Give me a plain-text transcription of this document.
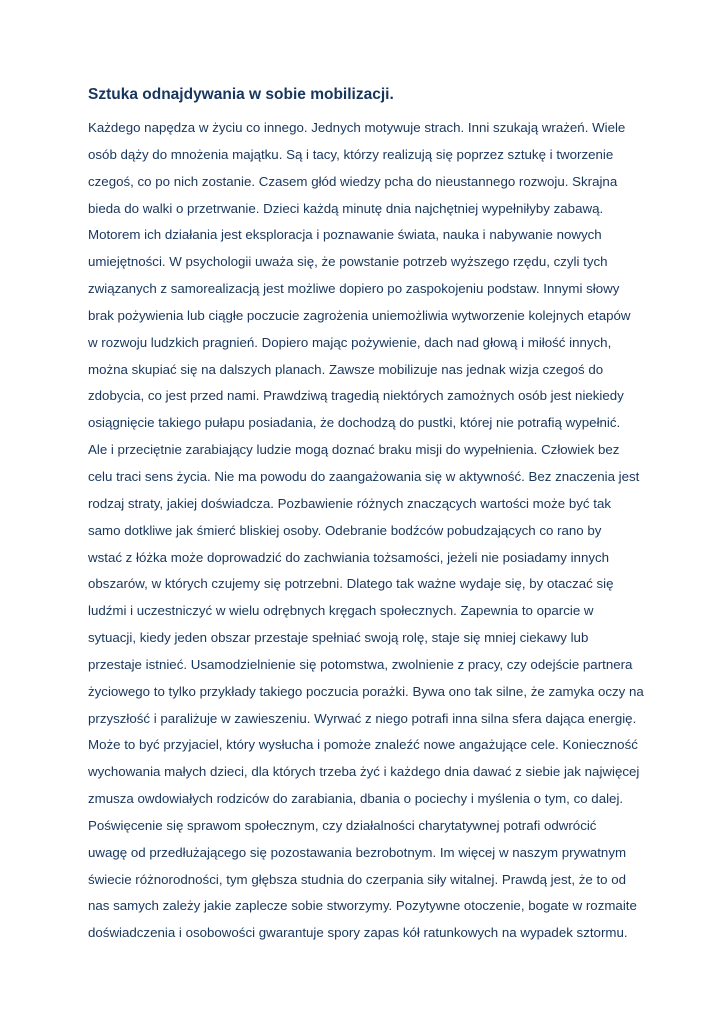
Sztuka odnajdywania w sobie mobilizacji.
Każdego napędza w życiu co innego. Jednych motywuje strach. Inni szukają wrażeń. Wiele
osób dąży do mnożenia majątku. Są i tacy, którzy realizują się poprzez sztukę i tworzenie
czegoś, co po nich zostanie. Czasem głód wiedzy pcha do nieustannego rozwoju. Skrajna
bieda do walki o przetrwanie. Dzieci każdą minutę dnia najchętniej wypełniłyby zabawą.
Motorem ich działania jest eksploracja i poznawanie świata, nauka i nabywanie nowych
umiejętności. W psychologii uważa się, że powstanie potrzeb wyższego rzędu, czyli tych
związanych z samorealizacją jest możliwe dopiero po zaspokojeniu podstaw. Innymi słowy
brak pożywienia lub ciągłe poczucie zagrożenia uniemożliwia wytworzenie kolejnych etapów
w rozwoju ludzkich pragnień. Dopiero mając pożywienie, dach nad głową i miłość innych,
można skupiać się na dalszych planach. Zawsze mobilizuje nas jednak wizja czegoś do
zdobycia, co jest przed nami. Prawdziwą tragedią niektórych zamożnych osób jest niekiedy
osiągnięcie takiego pułapu posiadania, że dochodzą do pustki, której nie potrafią wypełnić.
Ale i przeciętnie zarabiający ludzie mogą doznać braku misji do wypełnienia. Człowiek bez
celu traci sens życia. Nie ma powodu do zaangażowania się w aktywność. Bez znaczenia jest
rodzaj straty, jakiej doświadcza. Pozbawienie różnych znaczących wartości może być tak
samo dotkliwe jak śmierć bliskiej osoby. Odebranie bodźców pobudzających co rano by
wstać z łóżka może doprowadzić do zachwiania tożsamości, jeżeli nie posiadamy innych
obszarów, w których czujemy się potrzebni. Dlatego tak ważne wydaje się, by otaczać się
ludźmi i uczestniczyć w wielu odrębnych kręgach społecznych. Zapewnia to oparcie w
sytuacji, kiedy jeden obszar przestaje spełniać swoją rolę, staje się mniej ciekawy lub
przestaje istnieć. Usamodzielnienie się potomstwa, zwolnienie z pracy, czy odejście partnera
życiowego to tylko przykłady takiego poczucia porażki. Bywa ono tak silne, że zamyka oczy na
przyszłość i paraliżuje w zawieszeniu. Wyrwać z niego potrafi inna silna sfera dająca energię.
Może to być przyjaciel, który wysłucha i pomoże znaleźć nowe angażujące cele. Konieczność
wychowania małych dzieci, dla których trzeba żyć i każdego dnia dawać z siebie jak najwięcej
zmusza owdowiałych rodziców do zarabiania, dbania o pociechy i myślenia o tym, co dalej.
Poświęcenie się sprawom społecznym, czy działalności charytatywnej potrafi odwrócić
uwagę od przedłużającego się pozostawania bezrobotnym. Im więcej w naszym prywatnym
świecie różnorodności, tym głębsza studnia do czerpania siły witalnej. Prawdą jest, że to od
nas samych zależy jakie zaplecze sobie stworzymy. Pozytywne otoczenie, bogate w rozmaite
doświadczenia i osobowości gwarantuje spory zapas kół ratunkowych na wypadek sztormu.
